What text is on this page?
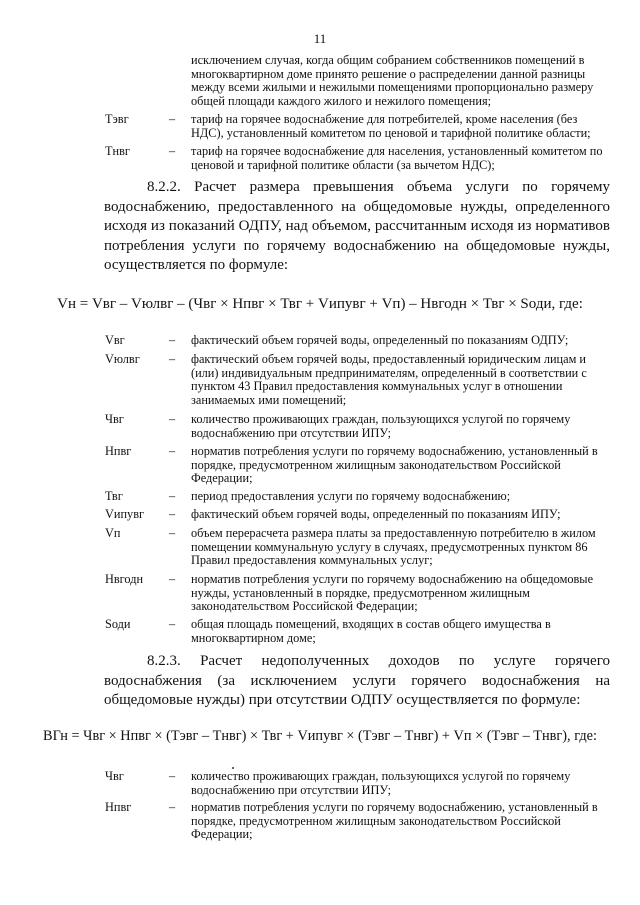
11
исключением случая, когда общим собранием собственников помещений в многоквартирном доме принято решение о распределении данной разницы между всеми жилыми и нежилыми помещениями пропорционально размеру общей площади каждого жилого и нежилого помещения;
Тэвг	– тариф на горячее водоснабжение для потребителей, кроме населения (без НДС), установленный комитетом по ценовой и тарифной политике области;
Тнвг	– тариф на горячее водоснабжение для населения, установленный комитетом по ценовой и тарифной политике области (за вычетом НДС);
8.2.2. Расчет размера превышения объема услуги по горячему водоснабжению, предоставленного на общедомовые нужды, определенного исходя из показаний ОДПУ, над объемом, рассчитанным исходя из нормативов потребления услуги по горячему водоснабжению на общедомовые нужды, осуществляется по формуле:
Vн = Vвг – Vюлвг – (Чвг × Нпвг × Твг + Vипувг + Vп) – Нвгодн × Твг × Sоди, где:
Vвг	– фактический объем горячей воды, определенный по показаниям ОДПУ;
Vюлвг – фактический объем горячей воды, предоставленный юридическим лицам и (или) индивидуальным предпринимателям, определенный в соответствии с пунктом 43 Правил предоставления коммунальных услуг в отношении занимаемых ими помещений;
Чвг	– количество проживающих граждан, пользующихся услугой по горячему водоснабжению при отсутствии ИПУ;
Нпвг	– норматив потребления услуги по горячему водоснабжению, установленный в порядке, предусмотренном жилищным законодательством Российской Федерации;
Твг	– период предоставления услуги по горячему водоснабжению;
Vипувг – фактический объем горячей воды, определенный по показаниям ИПУ;
Vп	– объем перерасчета размера платы за предоставленную потребителю в жилом помещении коммунальную услугу в случаях, предусмотренных пунктом 86 Правил предоставления коммунальных услуг;
Нвгодн – норматив потребления услуги по горячему водоснабжению на общедомовые нужды, установленный в порядке, предусмотренном жилищным законодательством Российской Федерации;
Sоди	– общая площадь помещений, входящих в состав общего имущества в многоквартирном доме;
8.2.3. Расчет недополученных доходов по услуге горячего водоснабжения (за исключением услуги горячего водоснабжения на общедомовые нужды) при отсутствии ОДПУ осуществляется по формуле:
ВГн = Чвг × Нпвг × (Тэвг – Тнвг) × Твг + Vипувг × (Тэвг – Тнвг) + Vп × (Тэвг – Тнвг), где:
Чвг	– количество проживающих граждан, пользующихся услугой по горячему водоснабжению при отсутствии ИПУ;
Нпвг	– норматив потребления услуги по горячему водоснабжению, установленный в порядке, предусмотренном жилищным законодательством Российской Федерации;
